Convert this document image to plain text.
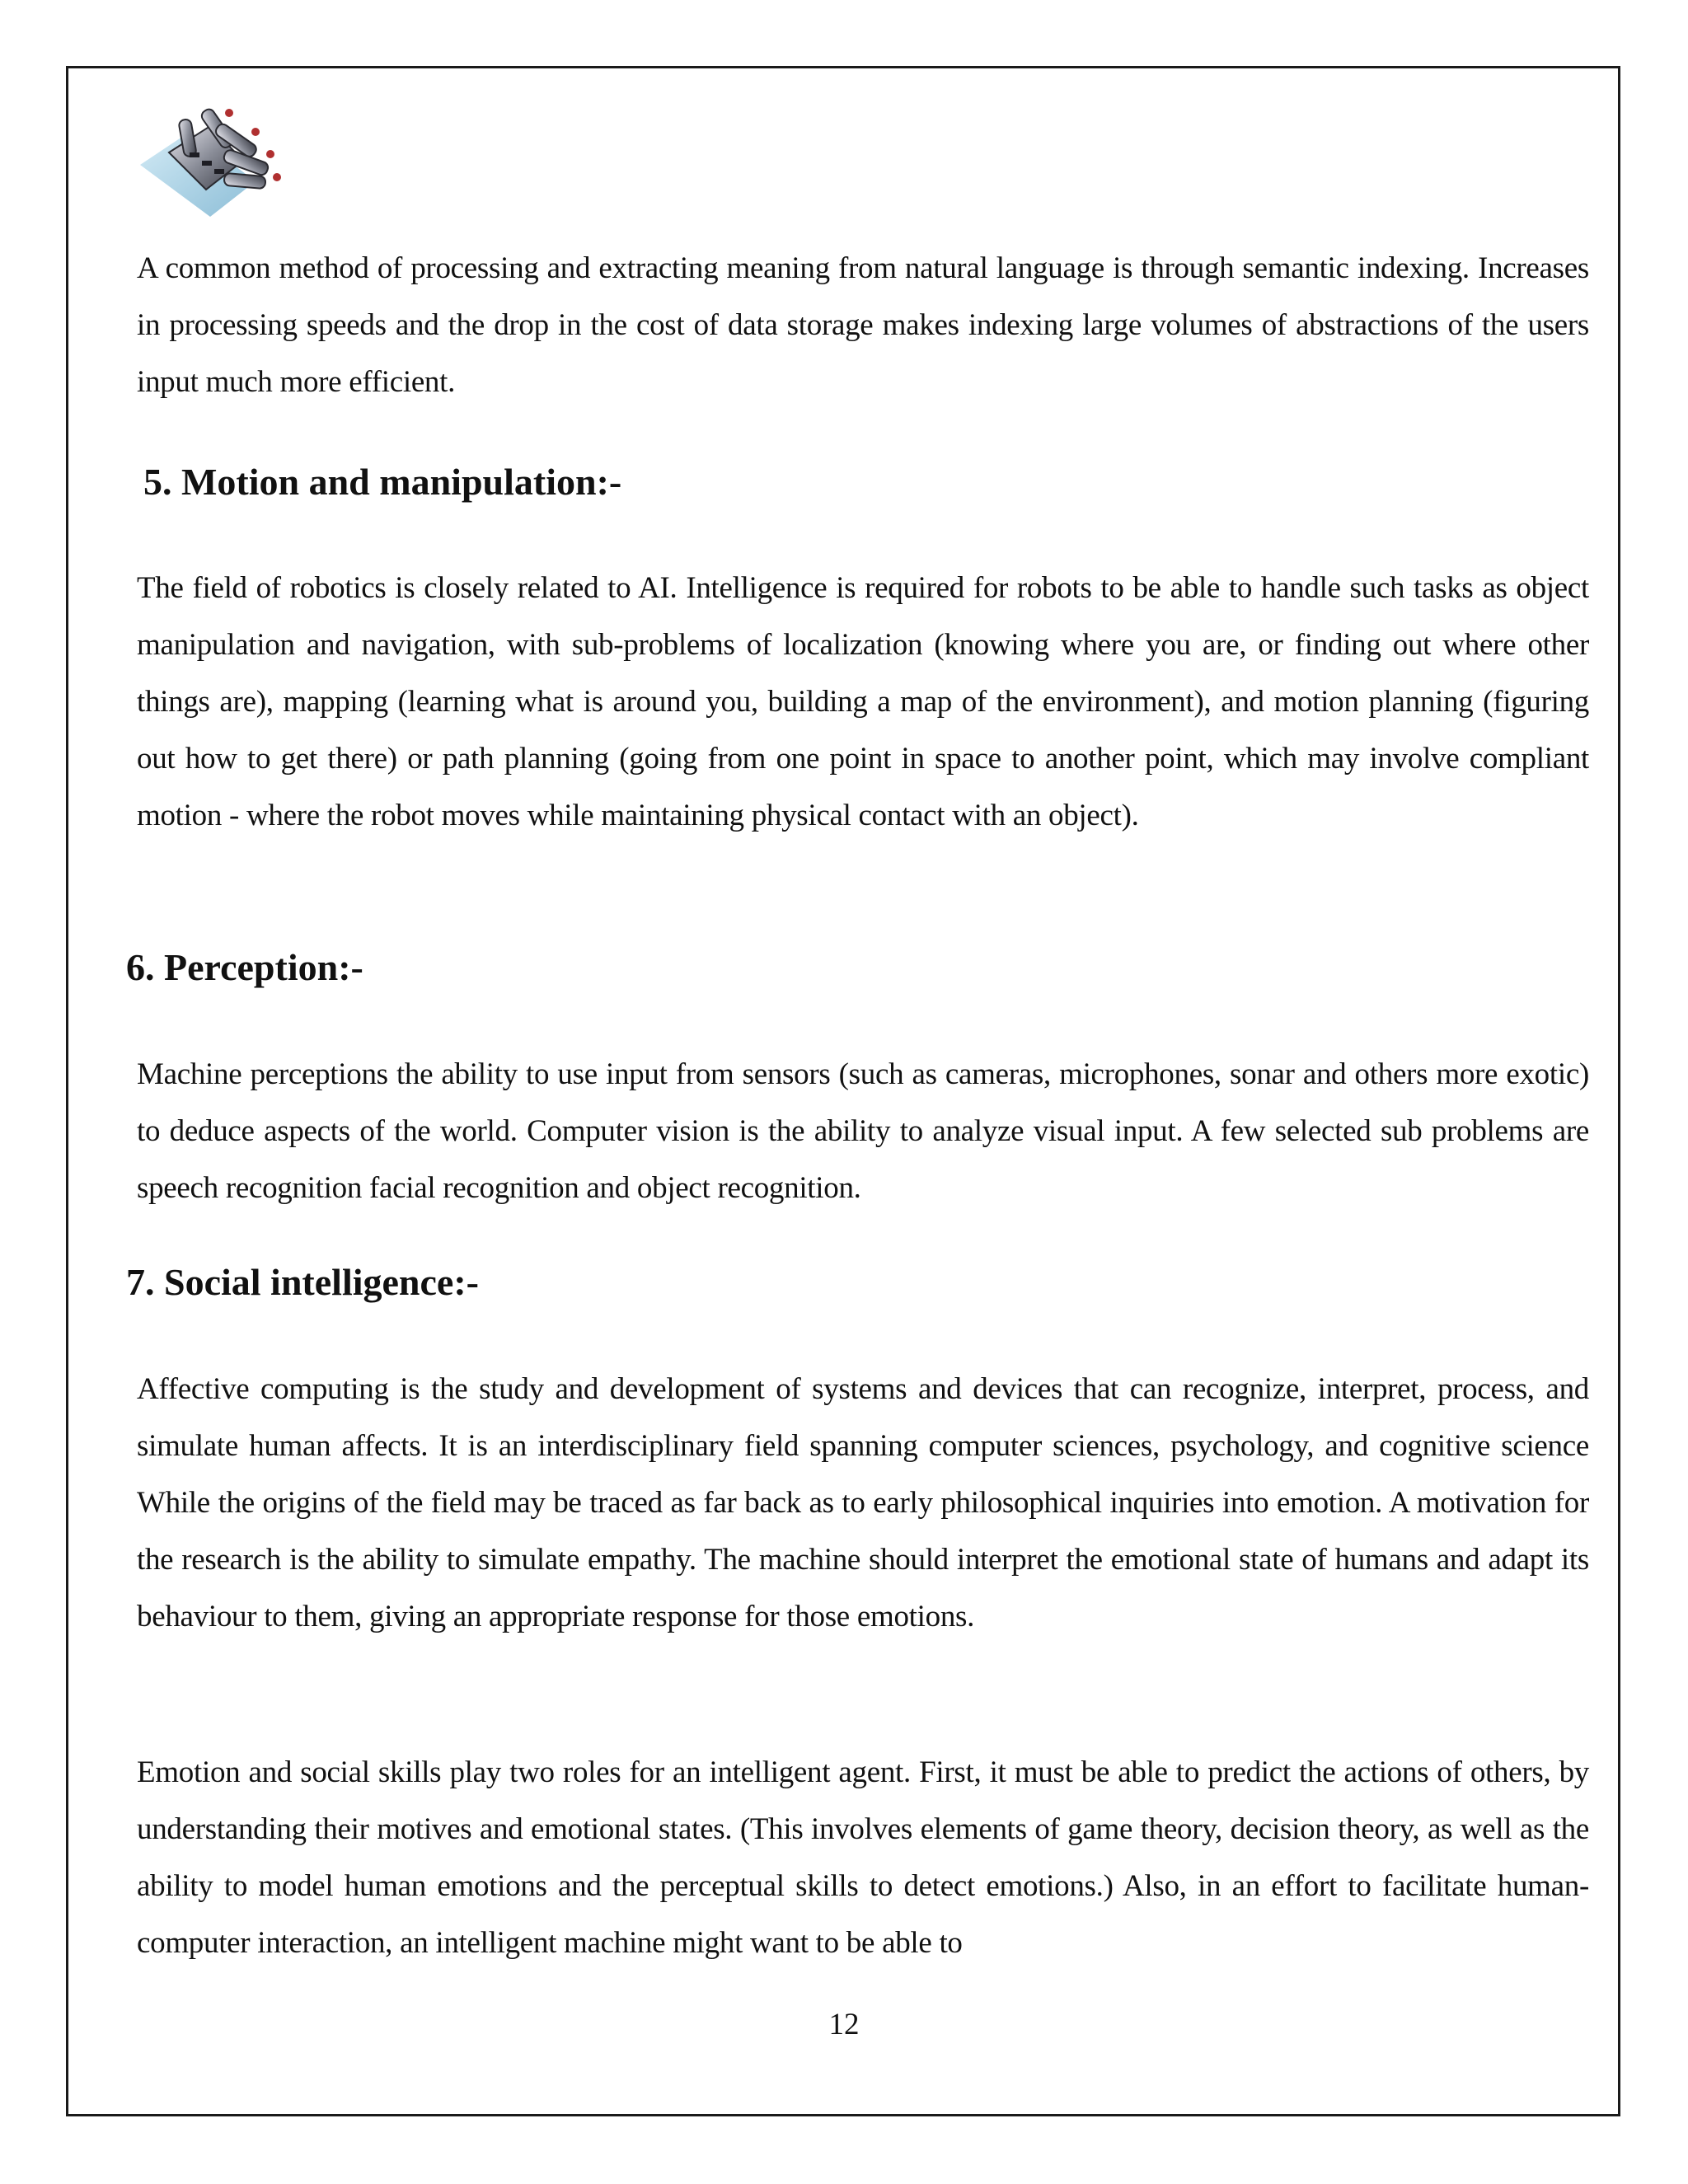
A common method of processing and extracting meaning from natural language is through semantic indexing. Increases in processing speeds and the drop in the cost of data storage makes indexing large volumes of abstractions of the users input much more efficient.

5. Motion and manipulation:-

The field of robotics is closely related to AI. Intelligence is required for robots to be able to handle such tasks as object manipulation and navigation, with sub-problems of localization (knowing where you are, or finding out where other things are), mapping (learning what is around you, building a map of the environment), and motion planning (figuring out how to get there) or path planning (going from one point in space to another point, which may involve compliant motion - where the robot moves while maintaining physical contact with an object).

6. Perception:-

Machine perceptions the ability to use input from sensors (such as cameras, microphones, sonar and others more exotic) to deduce aspects of the world. Computer vision is the ability to analyze visual input. A few selected sub problems are speech recognition facial recognition and object recognition.

7. Social intelligence:-

Affective computing is the study and development of systems and devices that can recognize, interpret, process, and simulate human affects. It is an interdisciplinary field spanning computer sciences, psychology, and cognitive science While the origins of the field may be traced as far back as to early philosophical inquiries into emotion. A motivation for the research is the ability to simulate empathy. The machine should interpret the emotional state of humans and adapt its behaviour to them, giving an appropriate response for those emotions.

Emotion and social skills play two roles for an intelligent agent. First, it must be able to predict the actions of others, by understanding their motives and emotional states. (This involves elements of game theory, decision theory, as well as the ability to model human emotions and the perceptual skills to detect emotions.) Also, in an effort to facilitate human-computer interaction, an intelligent machine might want to be able to

12
